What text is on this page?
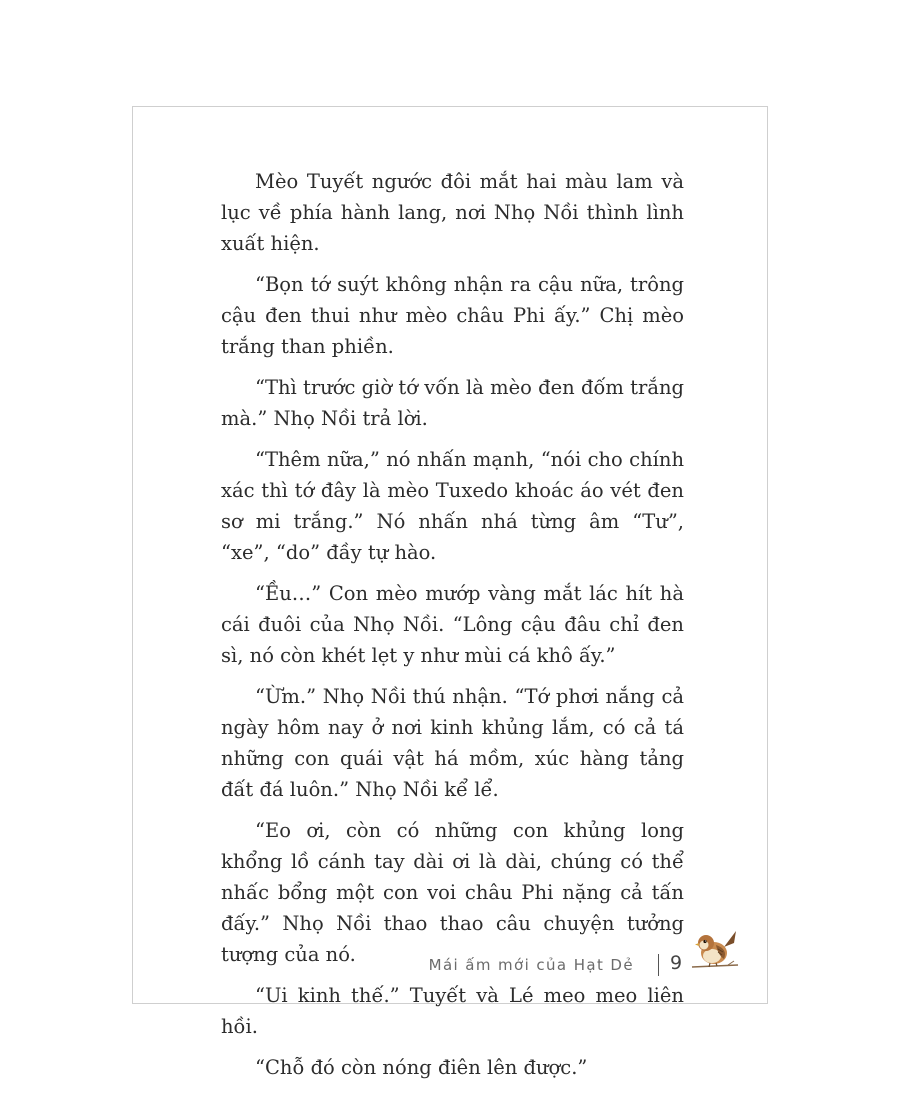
Mèo Tuyết ngước đôi mắt hai màu lam và lục về phía hành lang, nơi Nhọ Nồi thình lình xuất hiện.

“Bọn tớ suýt không nhận ra cậu nữa, trông cậu đen thui như mèo châu Phi ấy.” Chị mèo trắng than phiền.

“Thì trước giờ tớ vốn là mèo đen đốm trắng mà.” Nhọ Nồi trả lời.

“Thêm nữa,” nó nhấn mạnh, “nói cho chính xác thì tớ đây là mèo Tuxedo khoác áo vét đen sơ mi trắng.” Nó nhấn nhá từng âm “Tư”, “xe”, “do” đầy tự hào.

“Ều…” Con mèo mướp vàng mắt lác hít hà cái đuôi của Nhọ Nồi. “Lông cậu đâu chỉ đen sì, nó còn khét lẹt y như mùi cá khô ấy.”

“Ừm.” Nhọ Nồi thú nhận. “Tớ phơi nắng cả ngày hôm nay ở nơi kinh khủng lắm, có cả tá những con quái vật há mồm, xúc hàng tảng đất đá luôn.” Nhọ Nồi kể lể.

“Eo ơi, còn có những con khủng long khổng lồ cánh tay dài ơi là dài, chúng có thể nhấc bổng một con voi châu Phi nặng cả tấn đấy.” Nhọ Nồi thao thao câu chuyện tưởng tượng của nó.

“Ui kinh thế.” Tuyết và Lé meo meo liên hồi.

“Chỗ đó còn nóng điên lên được.”

Mái ấm mới của Hạt Dẻ 9
